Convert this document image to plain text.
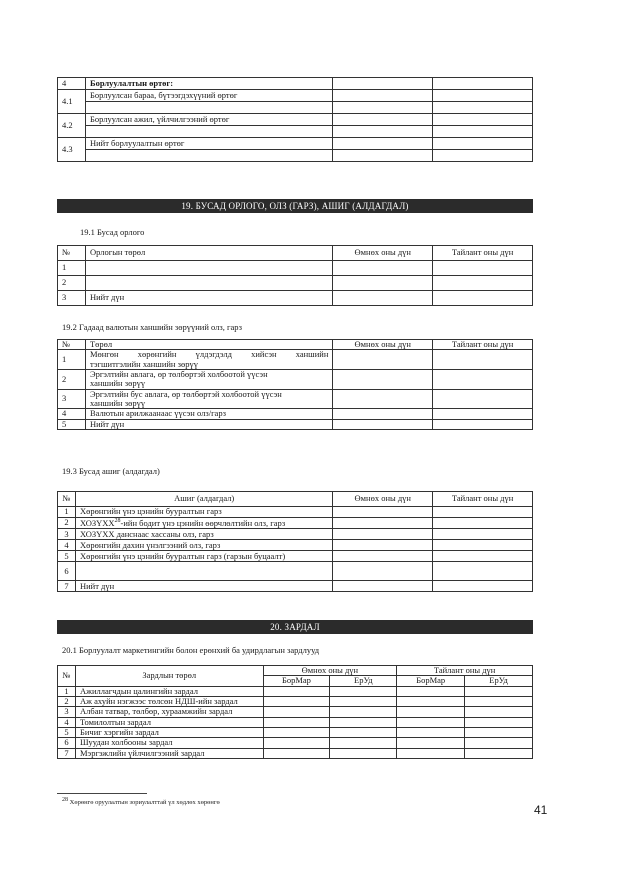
4	Борлуулалтын өртөг:		
4.1	Борлуулсан бараа, бүтээгдэхүүний өртөг		

4.2	Борлуулсан ажил, үйлчилгээний өртөг		

4.3	Нийт борлуулалтын өртөг		

19. БУСАД ОРЛОГО, ОЛЗ (ГАРЗ), АШИГ (АЛДАГДАЛ)
19.1 Бусад орлого
№	Орлогын төрөл	Өмнөх оны дүн	Тайлант оны дүн
1			
2			
3	Нийт дүн		
19.2 Гадаад валютын ханшийн зөрүүний олз, гарз
№	Төрөл	Өмнөх оны дүн	Тайлант оны дүн
1	Мөнгөн хөрөнгийн үлдэгдэлд хийсэн ханшийн		
	тэгшитгэлийн ханшийн зөрүү		
2	Эргэлтийн авлага, өр төлбөртэй холбоотой үүсэн		
	ханшийн зөрүү		
3	Эргэлтийн бус авлага, өр төлбөртэй холбоотой үүсэн		
	ханшийн зөрүү		
4	Валютын арилжаанаас үүсэн олз/гарз		
5	Нийт дүн		
19.3 Бусад ашиг (алдагдал)
№	Ашиг (алдагдал)	Өмнөх оны дүн	Тайлант оны дүн
1	Хөрөнгийн үнэ цэнийн бууралтын гарз		
2	ХОЗҮХХ$^{28}$-ийн бодит үнэ цэнийн өөрчлөлтийн олз, гарз		
3	ХОЗҮХХ данснаас хассаны олз, гарз		
4	Хөрөнгийн дахин үнэлгээний олз, гарз		
5	Хөрөнгийн үнэ цэнийн бууралтын гарз (гарзын буцаалт)		
6			
7	Нийт дүн		
20. ЗАРДАЛ
20.1 Борлуулалт маркетингийн болон ерөнхий ба удирдлагын зардлууд
№	Зардлын төрөл	Өмнөх оны дүн		Тайлант оны дүн	
		БорМар	ЕрУд	БорМар	ЕрУд
1	Ажиллагчдын цалингийн зардал				
2	Аж ахуйн нэгжээс төлсөн НДШ-ийн зардал				
3	Албан татвар, төлбөр, хураамжийн зардал				
4	Томилолтын зардал				
5	Бичиг хэргийн зардал				
6	Шуудан холбооны зардал				
7	Мэргэжлийн үйлчилгээний зардал				
$^{28}$ Хөрөнгө оруулалтын зориулалттай үл хөдлөх хөрөнгө
41
